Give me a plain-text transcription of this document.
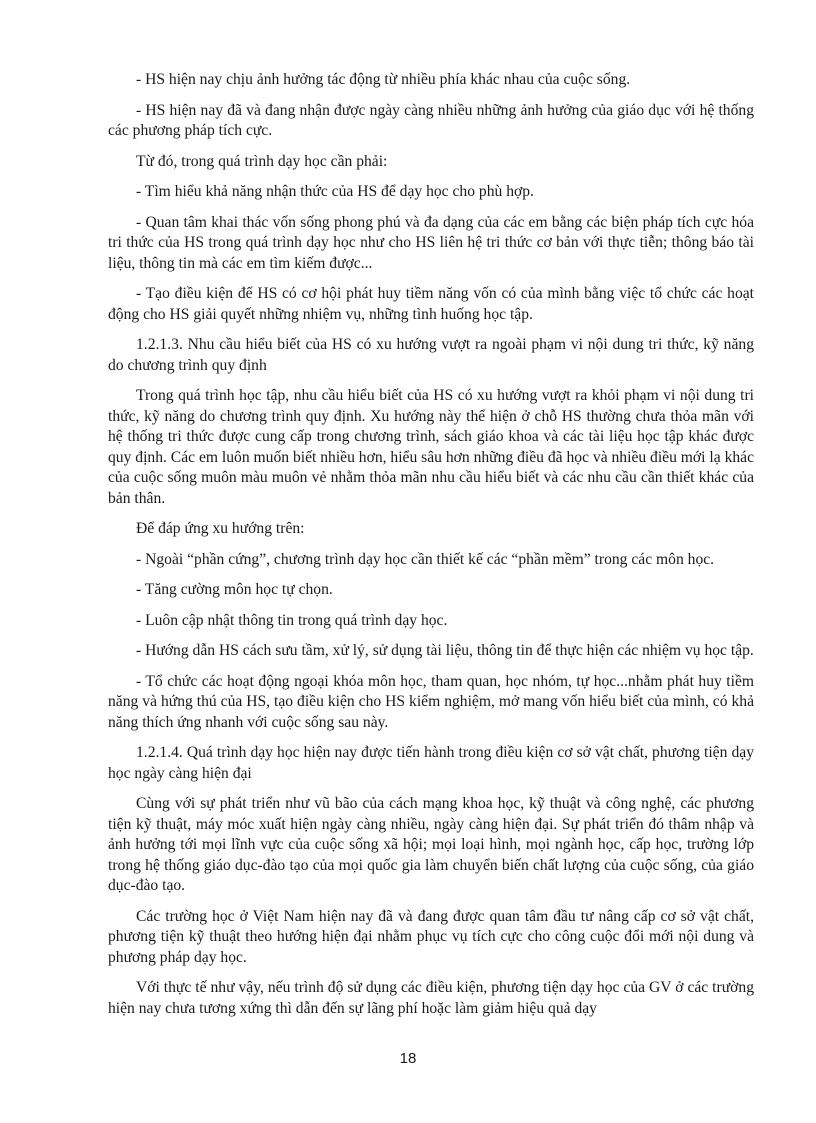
- HS hiện nay chịu ảnh hưởng tác động từ nhiều phía khác nhau của cuộc sống.

- HS hiện nay đã và đang nhận được ngày càng nhiều những ảnh hưởng của giáo dục với hệ thống các phương pháp tích cực.

Từ đó, trong quá trình dạy học cần phải:

- Tìm hiểu khả năng nhận thức của HS để dạy học cho phù hợp.

- Quan tâm khai thác vốn sống phong phú và đa dạng của các em bằng các biện pháp tích cực hóa tri thức của HS trong quá trình dạy học như cho HS liên hệ tri thức cơ bản với thực tiễn; thông báo tài liệu, thông tin mà các em tìm kiếm được...

- Tạo điều kiện để HS có cơ hội phát huy tiềm năng vốn có của mình bằng việc tổ chức các hoạt động cho HS giải quyết những nhiệm vụ, những tình huống học tập.

1.2.1.3. Nhu cầu hiểu biết của HS có xu hướng vượt ra ngoài phạm vi nội dung tri thức, kỹ năng do chương trình quy định

Trong quá trình học tập, nhu cầu hiểu biết của HS có xu hướng vượt ra khỏi phạm vi nội dung tri thức, kỹ năng do chương trình quy định. Xu hướng này thể hiện ở chỗ HS thường chưa thỏa mãn với hệ thống tri thức được cung cấp trong chương trình, sách giáo khoa và các tài liệu học tập khác được quy định. Các em luôn muốn biết nhiều hơn, hiểu sâu hơn những điều đã học và nhiều điều mới lạ khác của cuộc sống muôn màu muôn vẻ nhằm thỏa mãn nhu cầu hiểu biết và các nhu cầu cần thiết khác của bản thân.

Để đáp ứng xu hướng trên:

- Ngoài “phần cứng”, chương trình dạy học cần thiết kế các “phần mềm” trong các môn học.

- Tăng cường môn học tự chọn.

- Luôn cập nhật thông tin trong quá trình dạy học.

- Hướng dẫn HS cách sưu tầm, xử lý, sử dụng tài liệu, thông tin để thực hiện các nhiệm vụ học tập.

- Tổ chức các hoạt động ngoại khóa môn học, tham quan, học nhóm, tự học...nhằm phát huy tiềm năng và hứng thú của HS, tạo điều kiện cho HS kiểm nghiệm, mở mang vốn hiểu biết của mình, có khả năng thích ứng nhanh với cuộc sống sau này.

1.2.1.4. Quá trình dạy học hiện nay được tiến hành trong điều kiện cơ sở vật chất, phương tiện dạy học ngày càng hiện đại

Cùng với sự phát triển như vũ bão của cách mạng khoa học, kỹ thuật và công nghệ, các phương tiện kỹ thuật, máy móc xuất hiện ngày càng nhiều, ngày càng hiện đại. Sự phát triển đó thâm nhập và ảnh hưởng tới mọi lĩnh vực của cuộc sống xã hội; mọi loại hình, mọi ngành học, cấp học, trường lớp trong hệ thống giáo dục-đào tạo của mọi quốc gia làm chuyển biến chất lượng của cuộc sống, của giáo dục-đào tạo.

Các trường học ở Việt Nam hiện nay đã và đang được quan tâm đầu tư nâng cấp cơ sở vật chất, phương tiện kỹ thuật theo hướng hiện đại nhằm phục vụ tích cực cho công cuộc đổi mới nội dung và phương pháp dạy học.

Với thực tế như vậy, nếu trình độ sử dụng các điều kiện, phương tiện dạy học của GV ở các trường hiện nay chưa tương xứng thì dẫn đến sự lãng phí hoặc làm giảm hiệu quả dạy

18
